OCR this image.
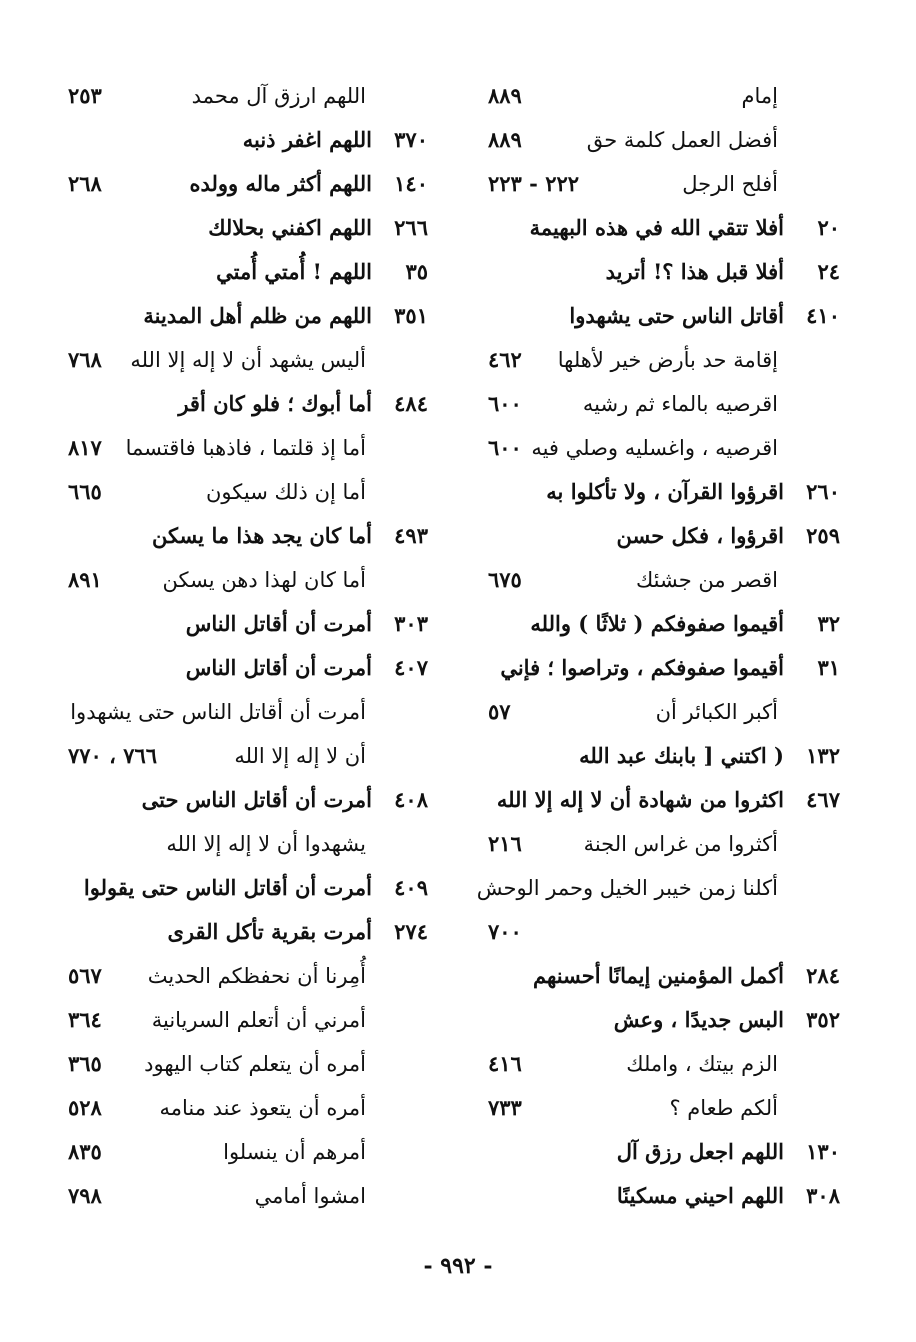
إمام
٨٨٩
أفضل العمل كلمة حق
٨٨٩
أفلح الرجل
٢٢٢ - ٢٢٣
٢٠
أفلا تتقي الله في هذه البهيمة
٢٤
أفلا قبل هذا ؟! أتريد
٤١٠
أقاتل الناس حتى يشهدوا
إقامة حد بأرض خير لأهلها
٤٦٢
اقرصيه بالماء ثم رشيه
٦٠٠
اقرصيه ، واغسليه وصلي فيه
٦٠٠
٢٦٠
اقرؤوا القرآن ، ولا تأكلوا به
٢٥٩
اقرؤوا ، فكل حسن
اقصر من جشئك
٦٧٥
٣٢
أقيموا صفوفكم ( ثلاثًا ) والله
٣١
أقيموا صفوفكم ، وتراصوا ؛ فإني
أكبر الكبائر أن
٥٧
١٣٢
( اكتني [ بابنك عبد الله
٤٦٧
اكثروا من شهادة أن لا إله إلا الله
أكثروا من غراس الجنة
٢١٦
أكلنا زمن خيبر الخيل وحمر الوحش
٧٠٠
٢٨٤
أكمل المؤمنين إيمانًا أحسنهم
٣٥٢
البس جديدًا ، وعش
الزم بيتك ، واملك
٤١٦
ألكم طعام ؟
٧٣٣
١٣٠
اللهم اجعل رزق آل
٣٠٨
اللهم احيني مسكينًا
اللهم ارزق آل محمد
٢٥٣
٣٧٠
اللهم اغفر ذنبه
١٤٠
اللهم أكثر ماله وولده
٢٦٨
٢٦٦
اللهم اكفني بحلالك
٣٥
اللهم ! أُمتي أُمتي
٣٥١
اللهم من ظلم أهل المدينة
أليس يشهد أن لا إله إلا الله
٧٦٨
٤٨٤
أما أبوك ؛ فلو كان أقر
أما إذ قلتما ، فاذهبا فاقتسما
٨١٧
أما إن ذلك سيكون
٦٦٥
٤٩٣
أما كان يجد هذا ما يسكن
أما كان لهذا دهن يسكن
٨٩١
٣٠٣
أمرت أن أقاتل الناس
٤٠٧
أمرت أن أقاتل الناس
أمرت أن أقاتل الناس حتى يشهدوا
أن لا إله إلا الله
٧٦٦ ، ٧٧٠
٤٠٨
أمرت أن أقاتل الناس حتى
يشهدوا أن لا إله إلا الله
٤٠٩
أمرت أن أقاتل الناس حتى يقولوا
٢٧٤
أمرت بقرية تأكل القرى
أُمِرنا أن نحفظكم الحديث
٥٦٧
أمرني أن أتعلم السريانية
٣٦٤
أمره أن يتعلم كتاب اليهود
٣٦٥
أمره أن يتعوذ عند منامه
٥٢٨
أمرهم أن ينسلوا
٨٣٥
امشوا أمامي
٧٩٨
- ٩٩٢ -
